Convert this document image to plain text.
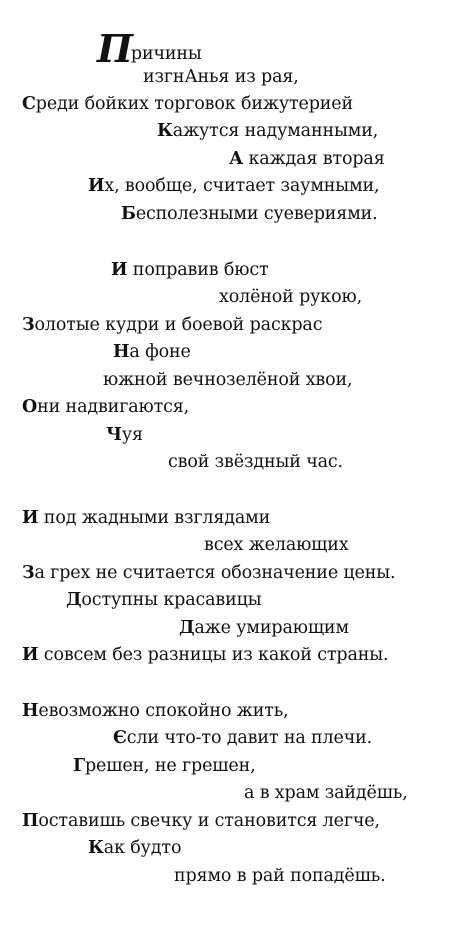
Причины
изгнАнья из рая,
Среди бойких торговок бижутерией
Кажутся надуманными,
А каждая вторая
Их, вообще, считает заумными,
Бесполезными суевериями.
И поправив бюст
холёной рукою,
Золотые кудри и боевой раскрас
На фоне
южной вечнозелёной хвои,
Они надвигаются,
Чуя
свой звёздный час.
И под жадными взглядами
всех желающих
За грех не считается обозначение цены.
Доступны красавицы
Даже умирающим
И совсем без разницы из какой страны.
Невозможно спокойно жить,
Єсли что-то давит на плечи.
Грешен, не грешен,
а в храм зайдёшь,
Поставишь свечку и становится легче,
Как будто
прямо в рай попадёшь.
